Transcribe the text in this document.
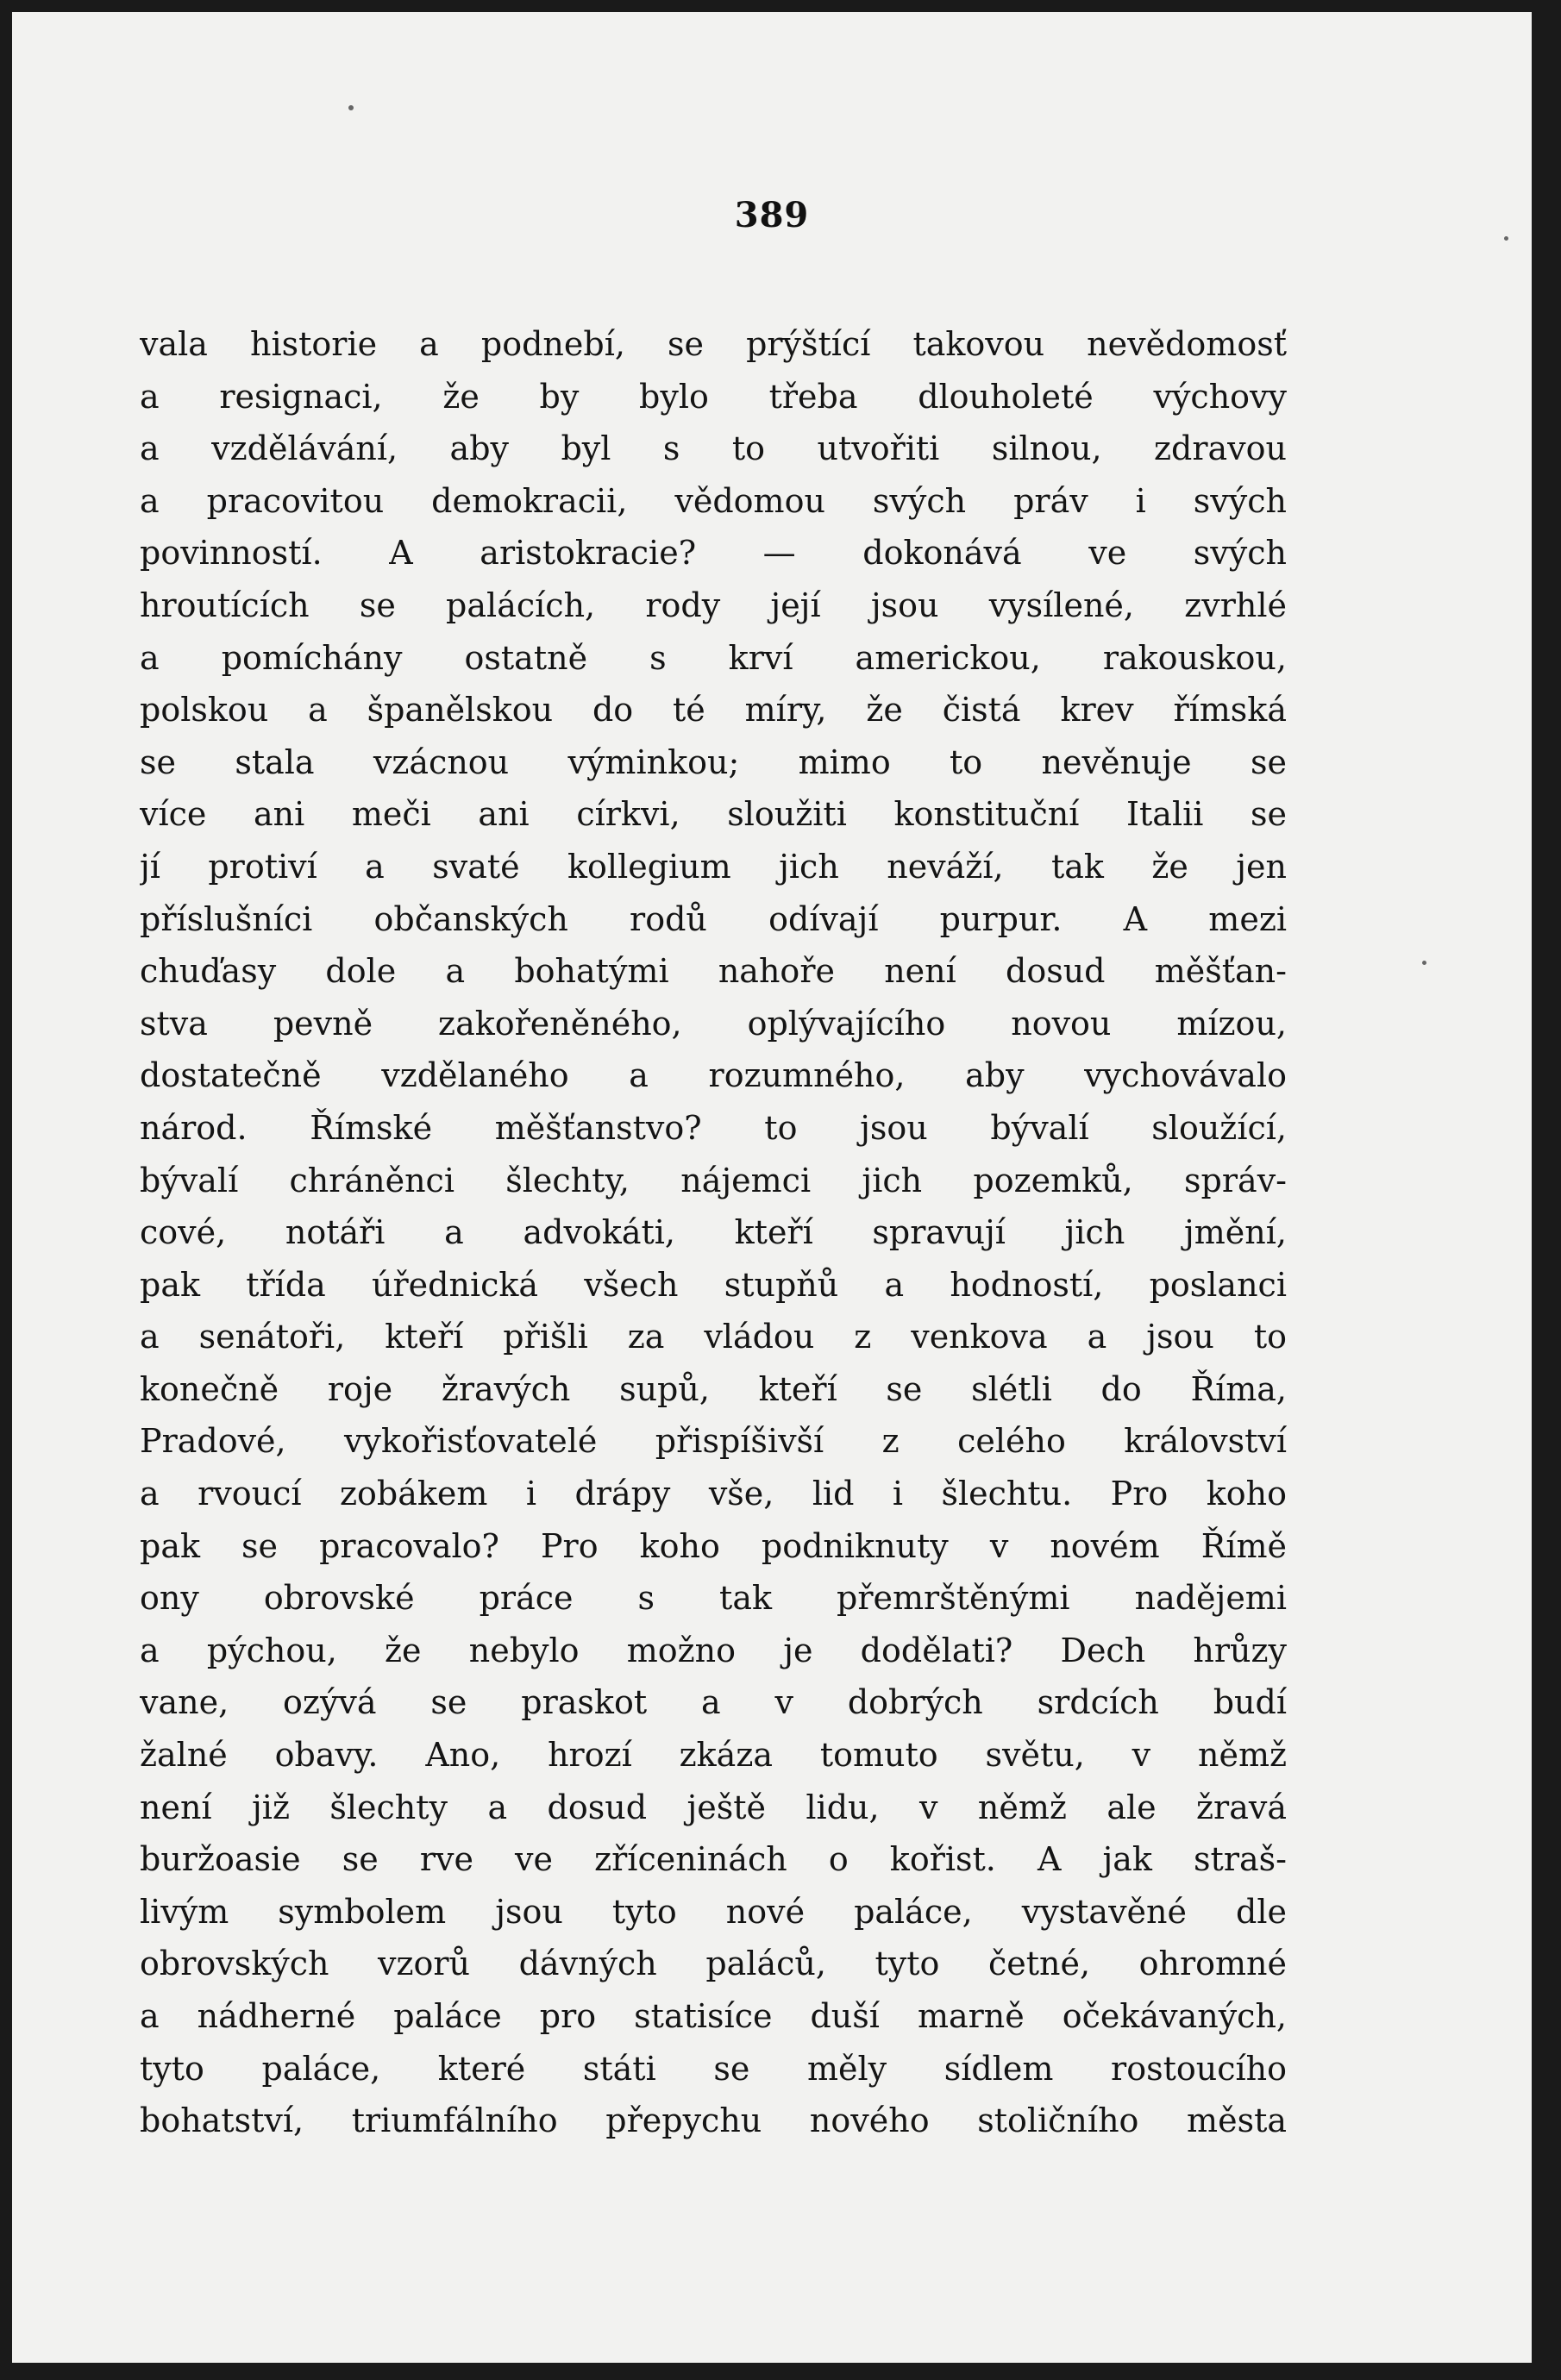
389
vala historie a podnebí, se prýštící takovou nevědomosť
a resignaci, že by bylo třeba dlouholeté výchovy
a vzdělávání, aby byl s to utvořiti silnou, zdravou
a pracovitou demokracii, vědomou svých práv i svých
povinností. A aristokracie? — dokonává ve svých
hroutících se palácích, rody její jsou vysílené, zvrhlé
a pomíchány ostatně s krví americkou, rakouskou,
polskou a španělskou do té míry, že čistá krev římská
se stala vzácnou výminkou; mimo to nevěnuje se
více ani meči ani církvi, sloužiti konstituční Italii se
jí protiví a svaté kollegium jich neváží, tak že jen
příslušníci občanských rodů odívají purpur. A mezi
chuďasy dole a bohatými nahoře není dosud měšťan-
stva pevně zakořeněného, oplývajícího novou mízou,
dostatečně vzdělaného a rozumného, aby vychovávalo
národ. Římské měšťanstvo? to jsou bývalí sloužící,
bývalí chráněnci šlechty, nájemci jich pozemků, správ-
cové, notáři a advokáti, kteří spravují jich jmění,
pak třída úřednická všech stupňů a hodností, poslanci
a senátoři, kteří přišli za vládou z venkova a jsou to
konečně roje žravých supů, kteří se slétli do Říma,
Pradové, vykořisťovatelé přispíšivší z celého království
a rvoucí zobákem i drápy vše, lid i šlechtu. Pro koho
pak se pracovalo? Pro koho podniknuty v novém Římě
ony obrovské práce s tak přemrštěnými nadějemi
a pýchou, že nebylo možno je dodělati? Dech hrůzy
vane, ozývá se praskot a v dobrých srdcích budí
žalné obavy. Ano, hrozí zkáza tomuto světu, v němž
není již šlechty a dosud ještě lidu, v němž ale žravá
buržoasie se rve ve zříceninách o kořist. A jak straš-
livým symbolem jsou tyto nové paláce, vystavěné dle
obrovských vzorů dávných paláců, tyto četné, ohromné
a nádherné paláce pro statisíce duší marně očekávaných,
tyto paláce, které státi se měly sídlem rostoucího
bohatství, triumfálního přepychu nového stoličního města
